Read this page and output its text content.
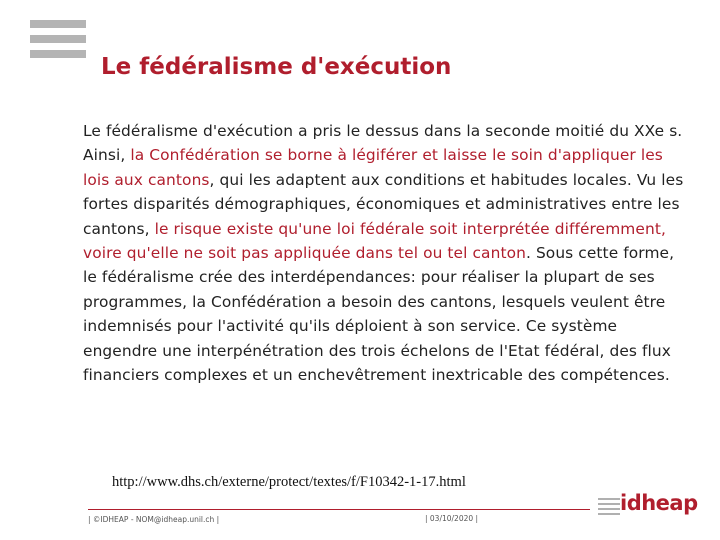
Le fédéralisme d'exécution

Le fédéralisme d'exécution a pris le dessus dans la seconde moitié du XXe s. Ainsi, la Confédération se borne à légiférer et laisse le soin d'appliquer les lois aux cantons, qui les adaptent aux conditions et habitudes locales. Vu les fortes disparités démographiques, économiques et administratives entre les cantons, le risque existe qu'une loi fédérale soit interprétée différemment, voire qu'elle ne soit pas appliquée dans tel ou tel canton. Sous cette forme, le fédéralisme crée des interdépendances: pour réaliser la plupart de ses programmes, la Confédération a besoin des cantons, lesquels veulent être indemnisés pour l'activité qu'ils déploient à son service. Ce système engendre une interpénétration des trois échelons de l'Etat fédéral, des flux financiers complexes et un enchevêtrement inextricable des compétences.

http://www.dhs.ch/externe/protect/textes/f/F10342-1-17.html
| ©IDHEAP - NOM@idheap.unil.ch |	| 03/10/2020 |
idheap
